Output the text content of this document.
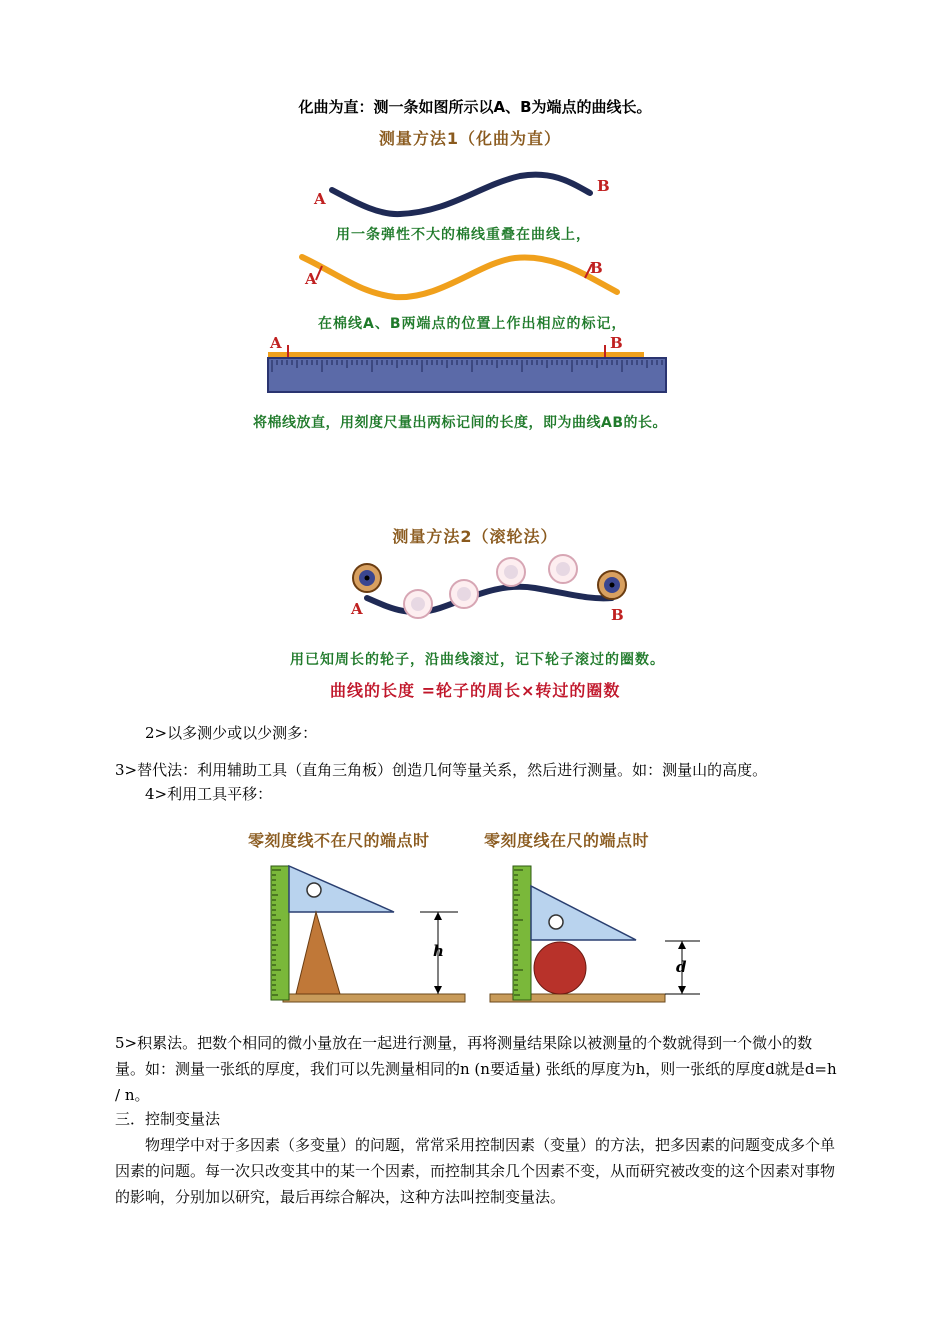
化曲为直：测一条如图所示以A、B为端点的曲线长。
测量方法1（化曲为直）
A
B
用一条弹性不大的棉线重叠在曲线上，
A
B
在棉线A、B两端点的位置上作出相应的标记，
A	B
将棉线放直，用刻度尺量出两标记间的长度，即为曲线AB的长。
测量方法2（滚轮法）
A	B
用已知周长的轮子，沿曲线滚过，记下轮子滚过的圈数。
曲线的长度 =轮子的周长×转过的圈数
2>以多测少或以少测多：
3>替代法：利用辅助工具（直角三角板）创造几何等量关系，然后进行测量。如：测量山的高度。
4>利用工具平移：
零刻度线不在尺的端点时	零刻度线在尺的端点时
h
d
5>积累法。把数个相同的微小量放在一起进行测量，再将测量结果除以被测量的个数就得到一个微小的数量。如：测量一张纸的厚度，我们可以先测量相同的n (n要适量) 张纸的厚度为h，则一张纸的厚度d就是d=h / n。
三．控制变量法
物理学中对于多因素（多变量）的问题，常常采用控制因素（变量）的方法，把多因素的问题变成多个单因素的问题。每一次只改变其中的某一个因素，而控制其余几个因素不变，从而研究被改变的这个因素对事物的影响，分别加以研究，最后再综合解决，这种方法叫控制变量法。
